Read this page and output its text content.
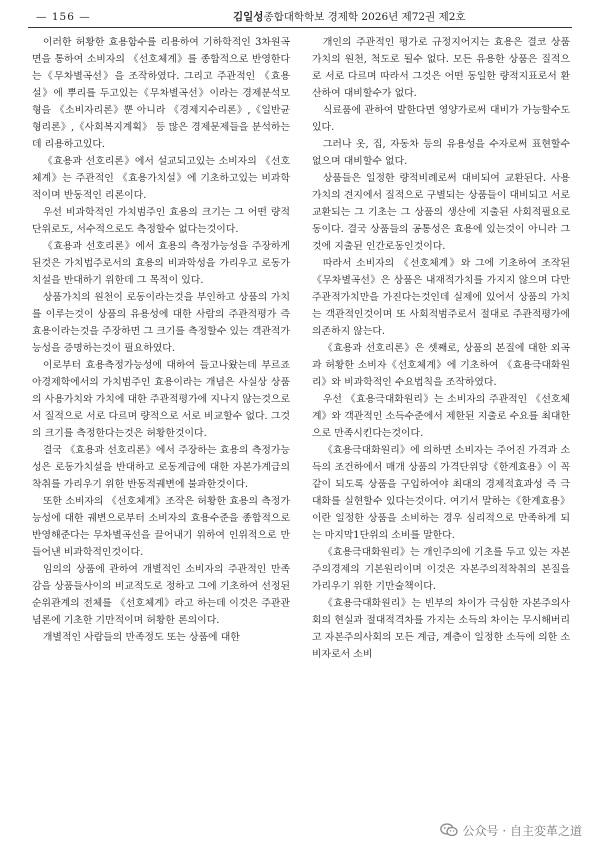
— 156 —	김일성종합대학학보 경제학 2026년 제72권 제2호

이러한 허황한 효용함수를 리용하여 기하학적인 3차원곡면을 통하여 소비자의 《선호체계》를 종합적으로 반영한다는《무차별곡선》을 조작하였다. 그리고 주관적인 《효용설》에 뿌리를 두고있는《무차별곡선》이라는 경제분석모형을 《소비자리론》뿐 아니라 《경제지수리론》,《일반균형리론》,《사회복지계획》 등 많은 경제문제들을 분석하는데 리용하고있다.

《효용과 선호리론》에서 설교되고있는 소비자의 《선호체계》는 주관적인 《효용가치설》에 기초하고있는 비과학적이며 반동적인 리론이다.

우선 비과학적인 가치범주인 효용의 크기는 그 어떤 량적단위로도, 서수적으로도 측정할수 없다는것이다.

《효용과 선호리론》에서 효용의 측정가능성을 주장하게 된것은 가치법주로서의 효용의 비과학성을 가리우고 로동가치설을 반대하기 위한데 그 목적이 있다.

상품가치의 원천이 로동이라는것을 부인하고 상품의 가치를 이루는것이 상품의 유용성에 대한 사람의 주관적평가 즉 효용이라는것을 주장하면 그 크기를 측정할수 있는 객관적가능성을 증명하는것이 필요하였다.

이로부터 효용측정가능성에 대하여 들고나왔는데 부르죠아경제학에서의 가치범주인 효용이라는 개념은 사실상 상품의 사용가치와 가치에 대한 주관적평가에 지나지 않는것으로서 질적으로 서로 다르며 량적으로 서로 비교할수 없다. 그것의 크기를 측정한다는것은 허황한것이다.

결국 《효용과 선호리론》에서 주장하는 효용의 측정가능성은 로동가치설을 반대하고 로동계급에 대한 자본가계급의 착취를 가리우기 위한 반동적궤변에 불과한것이다.

또한 소비자의 《선호체계》조작은 허황한 효용의 측정가능성에 대한 궤변으로부터 소비자의 효용수준을 종합적으로 반영해준다는 무차별곡선을 끌어내기 위하여 인위적으로 만들어낸 비과학적인것이다.

임의의 상품에 관하여 개별적인 소비자의 주관적인 만족감을 상품들사이의 비교적도로 정하고 그에 기초하여 선정된 순위관계의 전체를 《선호체계》라고 하는데 이것은 주관관념론에 기초한 기만적이며 허황한 론의이다.

개별적인 사람들의 만족정도 또는 상품에 대한

개인의 주관적인 평가로 규정지어지는 효용은 결코 상품가치의 원천, 척도로 될수 없다. 모든 유용한 상품은 질적으로 서로 다르며 따라서 그것은 어떤 동일한 량적지표로서 환산하여 대비할수가 없다.

식료품에 관하여 발한다면 영양가로써 대비가 가능할수도 있다.

그러나 옷, 집, 자동차 등의 유용성을 수자로써 표현할수 없으며 대비할수 없다.

상품들은 일정한 량적비례로써 대비되여 교환된다. 사용가치의 견지에서 질적으로 구별되는 상품들이 대비되고 서로 교환되는 그 기초는 그 상품의 생산에 지출된 사회적필요로동이다. 결국 상품들의 공통성은 효용에 있는것이 아니라 그것에 지출된 인간로동인것이다.

따라서 소비자의 《선호체계》와 그에 기초하여 조작된 《무차별곡선》은 상품은 내재적가치를 가지지 않으며 다만 주관적가치만을 가진다는것인데 실제에 있어서 상품의 가치는 객관적인것이며 또 사회적범주로서 절대로 주관적평가에 의존하지 않는다.

《효용과 선호리론》은 셋째로, 상품의 본질에 대한 외곡과 허황한 소비자《선호체계》에 기초하여 《효용극대화원리》와 비과학적인 수요법칙을 조작하였다.

우선 《효용극대화원리》는 소비자의 주관적인 《선호체계》와 객관적인 소득수준에서 제한된 지출로 수요를 최대한으로 만족시킨다는것이다.

《효용극대화원리》에 의하면 소비자는 주어진 가격과 소득의 조건하에서 매개 상품의 가격단위당《한계효용》이 꼭같이 되도록 상품을 구입하여야 최대의 경제적효과성 즉 극대화를 실현할수 있다는것이다. 여기서 말하는《한계효용》이란 일정한 상품을 소비하는 경우 심리적으로 만족하게 되는 마지막1단위의 소비를 말한다.

《효용극대화원리》는 개인주의에 기초를 두고 있는 자본주의경제의 기본원리이며 이것은 자본주의적착취의 본질을 가리우기 위한 기만술책이다.

《효용극대화원리》는 빈부의 차이가 극심한 자본주의사회의 현실과 절대적격차를 가지는 소득의 차이는 무시해버리고 자본주의사회의 모든 계급, 계층이 일정한 소득에 의한 소비자로서 소비

公众号 · 自主変革之道
